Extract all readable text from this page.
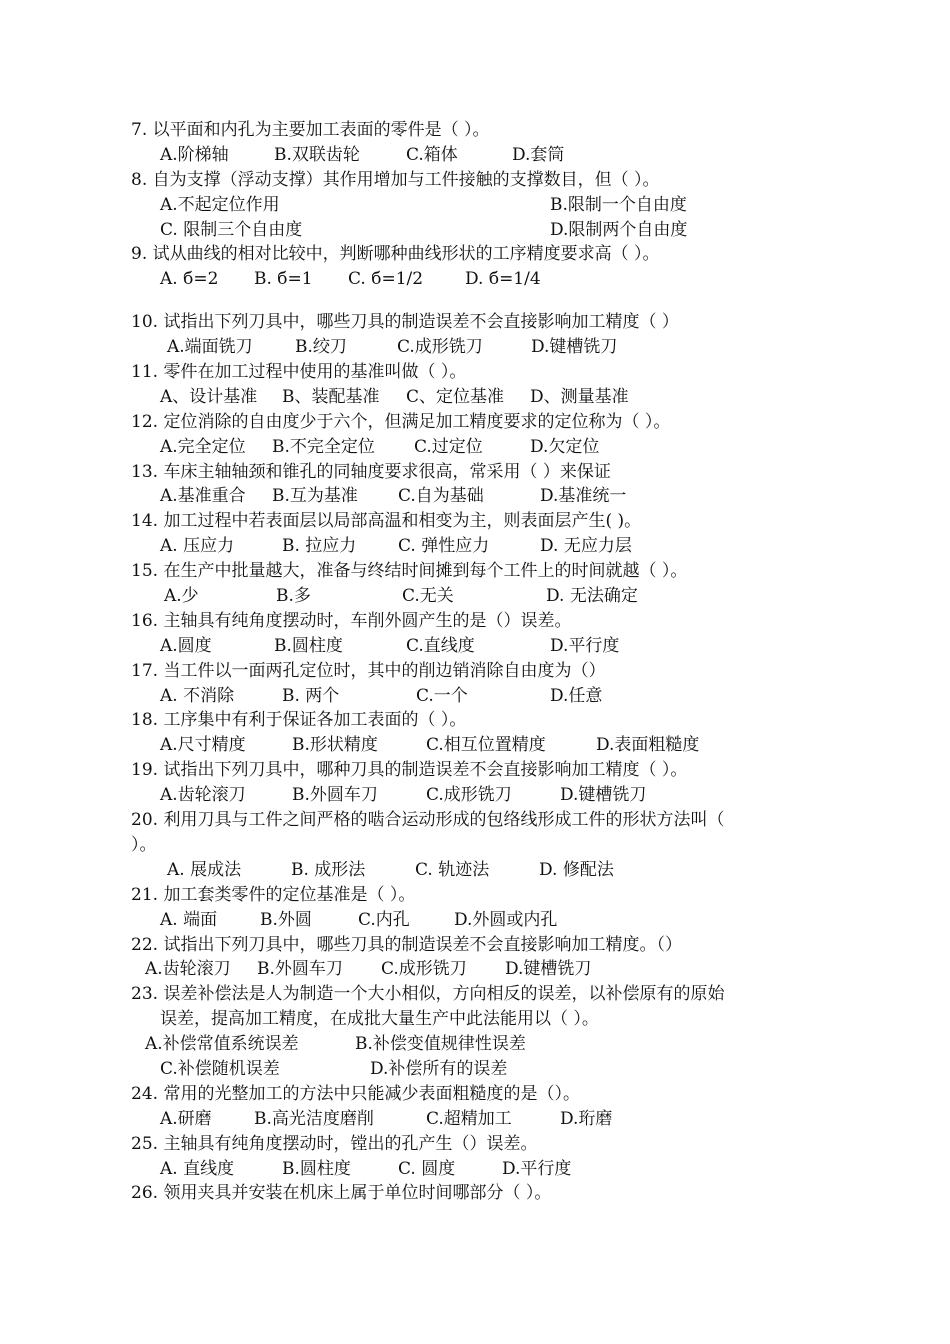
7. 以平面和内孔为主要加工表面的零件是（ ）。
A.阶梯轴	B.双联齿轮	C.箱体	D.套筒
8. 自为支撑（浮动支撑）其作用增加与工件接触的支撑数目，但（ ）。
A.不起定位作用	B.限制一个自由度
C. 限制三个自由度	D.限制两个自由度
9. 试从曲线的相对比较中，判断哪种曲线形状的工序精度要求高（ ）。
A. б=2 B. б=1 C. б=1/2 D. б=1/4
10. 试指出下列刀具中，哪些刀具的制造误差不会直接影响加工精度（ ）
A.端面铣刀 B.绞刀	C.成形铣刀	D.键槽铣刀
11. 零件在加工过程中使用的基准叫做（ ）。
A、设计基准 B、装配基准 C、定位基准 D、测量基准
12. 定位消除的自由度少于六个，但满足加工精度要求的定位称为（ ）。
A.完全定位 B.不完全定位 C.过定位	D.欠定位
13. 车床主轴轴颈和锥孔的同轴度要求很高，常采用（ ）来保证
A.基准重合 B.互为基准 C.自为基础	D.基准统一
14. 加工过程中若表面层以局部高温和相变为主，则表面层产生( )。
A. 压应力	B. 拉应力 C. 弹性应力	D. 无应力层
15. 在生产中批量越大，准备与终结时间摊到每个工件上的时间就越（ ）。
A.少	B.多	C.无关	D. 无法确定
16. 主轴具有纯角度摆动时，车削外圆产生的是（）误差。
A.圆度	B.圆柱度	C.直线度	D.平行度
17. 当工件以一面两孔定位时，其中的削边销消除自由度为（）
A. 不消除	B. 两个	C.一个	D.任意
18. 工序集中有利于保证各加工表面的（ ）。
A.尺寸精度	B.形状精度	C.相互位置精度	D.表面粗糙度
19. 试指出下列刀具中，哪种刀具的制造误差不会直接影响加工精度（ ）。
A.齿轮滚刀	B.外圆车刀	C.成形铣刀	D.键槽铣刀
20. 利用刀具与工件之间严格的啮合运动形成的包络线形成工件的形状方法叫（
）。
A. 展成法	B. 成形法	C. 轨迹法	D. 修配法
21. 加工套类零件的定位基准是（ ）。
A. 端面	B.外圆	C.内孔	D.外圆或内孔
22. 试指出下列刀具中，哪些刀具的制造误差不会直接影响加工精度。（）
A.齿轮滚刀 B.外圆车刀 C.成形铣刀 D.键槽铣刀
23. 误差补偿法是人为制造一个大小相似，方向相反的误差，以补偿原有的原始
误差，提高加工精度，在成批大量生产中此法能用以（ ）。
A.补偿常值系统误差	B.补偿变值规律性误差
C.补偿随机误差	D.补偿所有的误差
24. 常用的光整加工的方法中只能减少表面粗糙度的是（）。
A.研磨 B.高光洁度磨削	C.超精加工	D.珩磨
25. 主轴具有纯角度摆动时，镗出的孔产生（）误差。
A. 直线度	B.圆柱度	C. 圆度	D.平行度
26. 领用夹具并安装在机床上属于单位时间哪部分（ ）。
